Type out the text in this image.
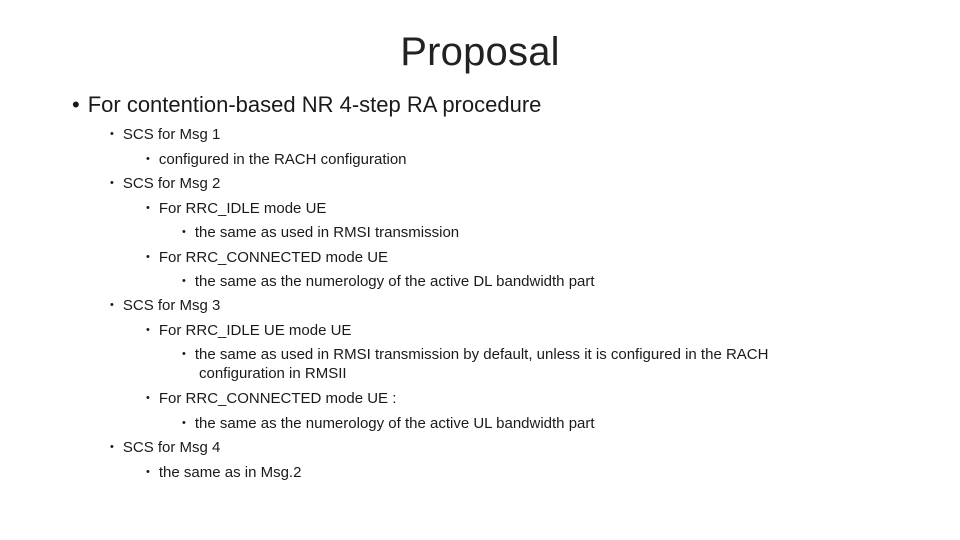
Proposal
• For contention-based NR 4-step RA procedure
• SCS for Msg 1
• configured in the RACH configuration
• SCS for Msg 2
• For RRC_IDLE mode UE
• the same as used in RMSI transmission
• For RRC_CONNECTED mode UE
• the same as the numerology of the active DL bandwidth part
• SCS for Msg 3
• For RRC_IDLE UE mode UE
• the same as used in RMSI transmission by default, unless it is configured in the RACH
configuration in RMSII
• For RRC_CONNECTED mode UE :
• the same as the numerology of the active UL bandwidth part
• SCS for Msg 4
• the same as in Msg.2
